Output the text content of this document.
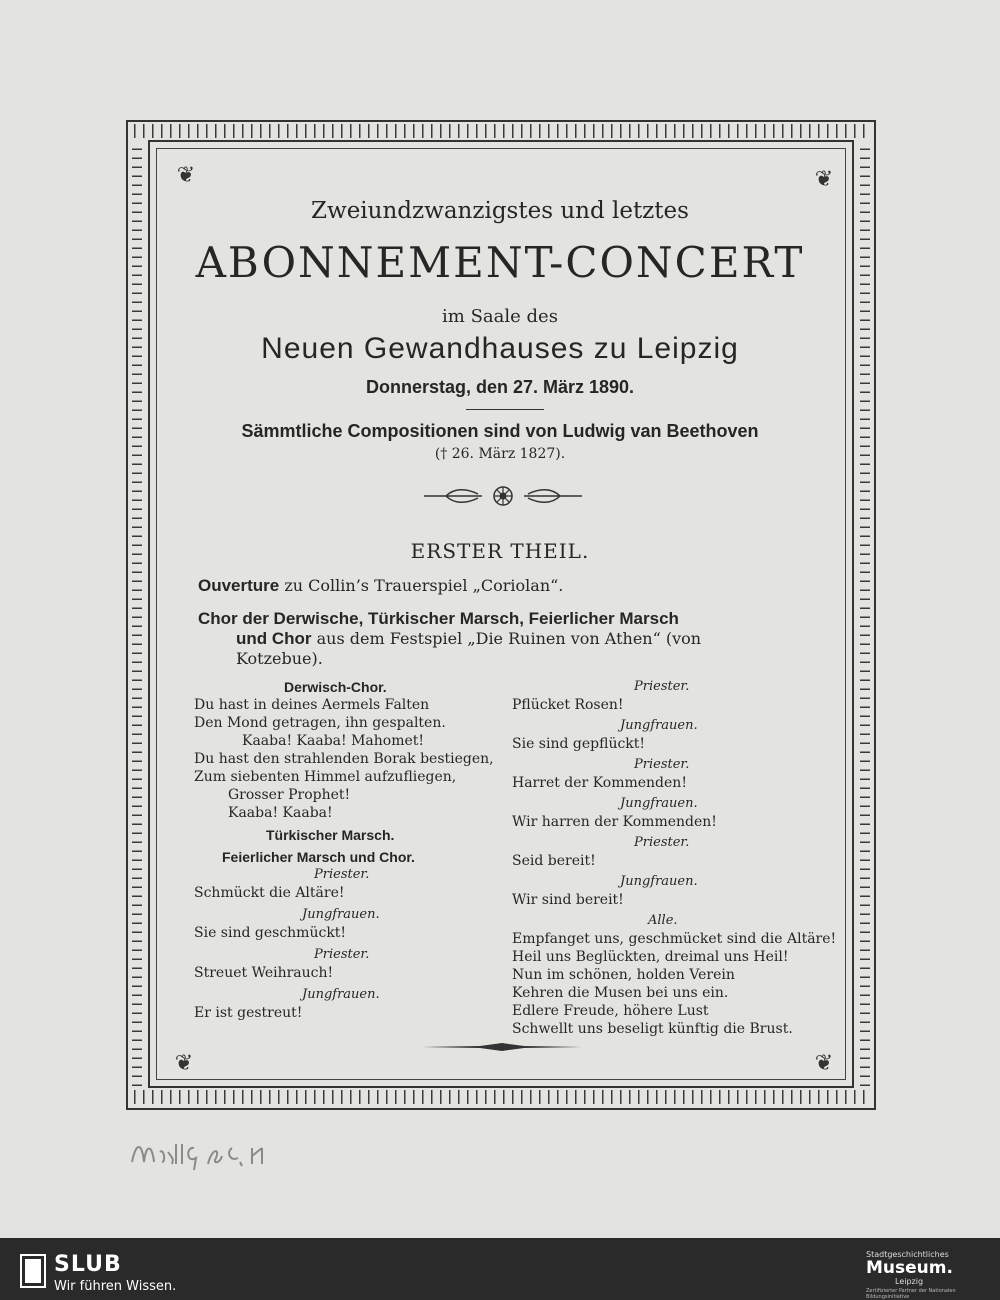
❦	❦
❦	❦
Zweiundzwanzigstes und letztes
ABONNEMENT-CONCERT
im Saale des
Neuen Gewandhauses zu Leipzig
Donnerstag, den 27. März 1890.
Sämmtliche Compositionen sind von Ludwig van Beethoven
(† 26. März 1827).
ERSTER THEIL.
Ouverture zu Collin’s Trauerspiel „Coriolan“.
Chor der Derwische, Türkischer Marsch, Feierlicher Marsch
und Chor aus dem Festspiel „Die Ruinen von Athen“ (von
Kotzebue).
Derwisch-Chor.
Du hast in deines Aermels Falten
Den Mond getragen, ihn gespalten.
Kaaba! Kaaba! Mahomet!
Du hast den strahlenden Borak bestiegen,
Zum siebenten Himmel aufzufliegen,
Grosser Prophet!
Kaaba! Kaaba!
Türkischer Marsch.
Feierlicher Marsch und Chor.
Priester.
Schmückt die Altäre!
Jungfrauen.
Sie sind geschmückt!
Priester.
Streuet Weihrauch!
Jungfrauen.
Er ist gestreut!
Priester.
Pflücket Rosen!
Jungfrauen.
Sie sind gepflückt!
Priester.
Harret der Kommenden!
Jungfrauen.
Wir harren der Kommenden!
Priester.
Seid bereit!
Jungfrauen.
Wir sind bereit!
Alle.
Empfanget uns, geschmücket sind die Altäre!
Heil uns Beglückten, dreimal uns Heil!
Nun im schönen, holden Verein
Kehren die Musen bei uns ein.
Edlere Freude, höhere Lust
Schwellt uns beseligt künftig die Brust.
Mus II G 98,24
SLUB
Wir führen Wissen.
Stadtgeschichtliches
Museum.
Leipzig
Zertifizierter Partner der Nationalen Bildungsinitiative
